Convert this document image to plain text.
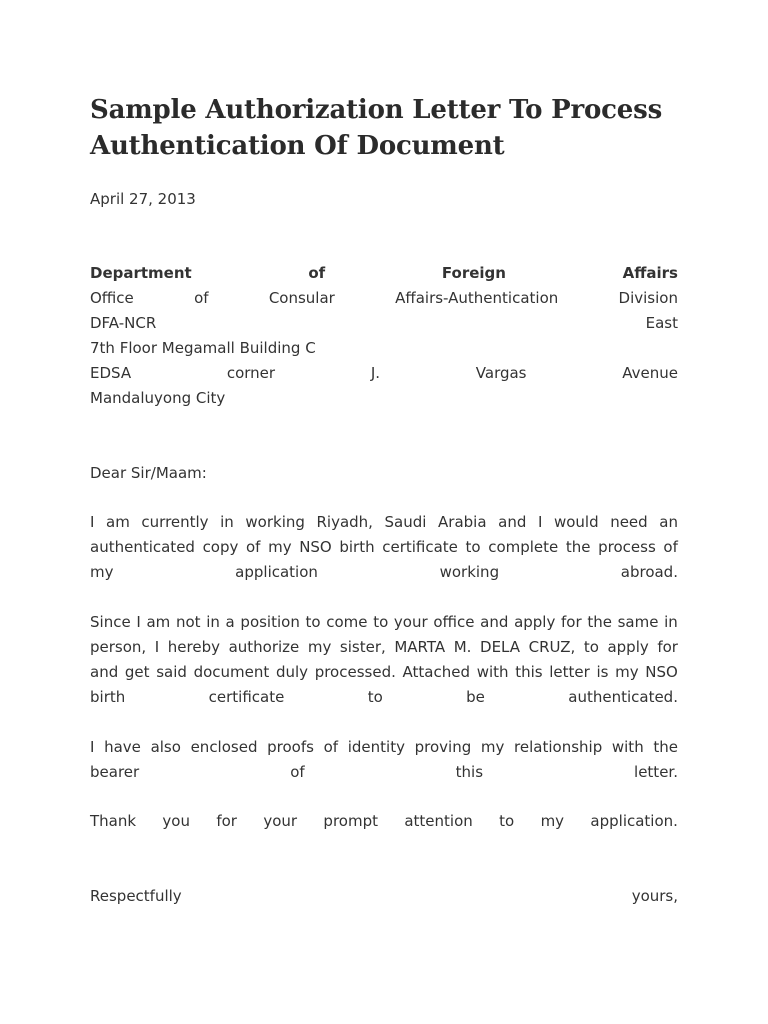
Sample Authorization Letter To Process
Authentication Of Document
April 27, 2013
Department	of	Foreign	Affairs
Office	of	Consular	Affairs-Authentication	Division
DFA-NCR	East
7th Floor Megamall Building C
EDSA	corner	J.	Vargas	Avenue
Mandaluyong City
Dear Sir/Maam:
I am currently in working Riyadh, Saudi Arabia and I would need an
authenticated copy of my NSO birth certificate to complete the process of
my	application	working	abroad.
Since I am not in a position to come to your office and apply for the same in
person, I hereby authorize my sister, MARTA M. DELA CRUZ, to apply for
and get said document duly processed. Attached with this letter is my NSO
birth	certificate	to	be	authenticated.
I have also enclosed proofs of identity proving my relationship with the
bearer	of	this	letter.
Thank you for your prompt attention to my application.
Respectfully	yours,
